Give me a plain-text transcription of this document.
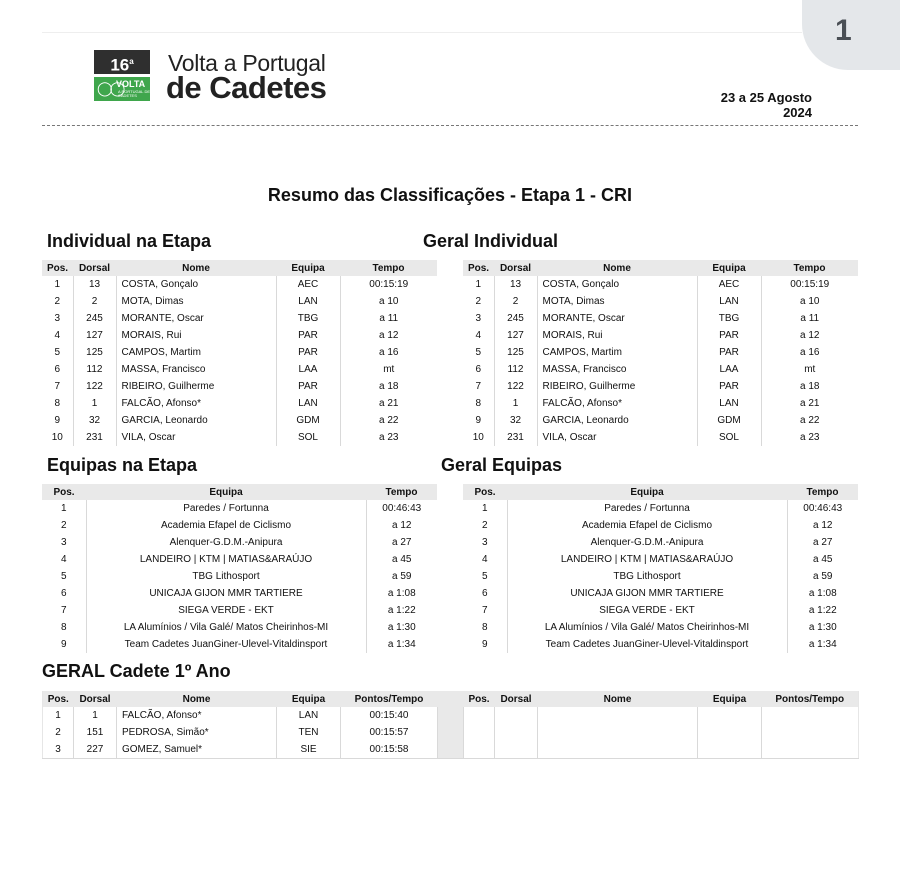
1
16$^a$
◯◯
VOLTA
A PORTUGAL DE CADETES
Volta a Portugal
de Cadetes	23 a 25 Agosto
2024
Resumo das Classificações - Etapa 1 - CRI
Individual na Etapa
Pos.	Dorsal	Nome	Equipa	Tempo
1	13	COSTA, Gonçalo	AEC	00:15:19
2	2	MOTA, Dimas	LAN	a 10
3	245	MORANTE, Oscar	TBG	a 11
4	127	MORAIS, Rui	PAR	a 12
5	125	CAMPOS, Martim	PAR	a 16
6	112	MASSA, Francisco	LAA	mt
7	122	RIBEIRO, Guilherme	PAR	a 18
8	1	FALCÃO, Afonso*	LAN	a 21
9	32	GARCIA, Leonardo	GDM	a 22
10	231	VILA, Oscar	SOL	a 23
Geral Individual
Pos.	Dorsal	Nome	Equipa	Tempo
1	13	COSTA, Gonçalo	AEC	00:15:19
2	2	MOTA, Dimas	LAN	a 10
3	245	MORANTE, Oscar	TBG	a 11
4	127	MORAIS, Rui	PAR	a 12
5	125	CAMPOS, Martim	PAR	a 16
6	112	MASSA, Francisco	LAA	mt
7	122	RIBEIRO, Guilherme	PAR	a 18
8	1	FALCÃO, Afonso*	LAN	a 21
9	32	GARCIA, Leonardo	GDM	a 22
10	231	VILA, Oscar	SOL	a 23
Equipas na Etapa
Pos.	Equipa	Tempo
1	Paredes / Fortunna	00:46:43
2	Academia Efapel de Ciclismo	a 12
3	Alenquer-G.D.M.-Anipura	a 27
4	LANDEIRO | KTM | MATIAS&ARAÚJO	a 45
5	TBG Lithosport	a 59
6	UNICAJA GIJON MMR TARTIERE	a 1:08
7	SIEGA VERDE - EKT	a 1:22
8	LA Alumínios / Vila Galé/ Matos Cheirinhos-MI	a 1:30
9	Team Cadetes JuanGiner-Ulevel-Vitaldinsport	a 1:34
Geral Equipas
Pos.	Equipa	Tempo
1	Paredes / Fortunna	00:46:43
2	Academia Efapel de Ciclismo	a 12
3	Alenquer-G.D.M.-Anipura	a 27
4	LANDEIRO | KTM | MATIAS&ARAÚJO	a 45
5	TBG Lithosport	a 59
6	UNICAJA GIJON MMR TARTIERE	a 1:08
7	SIEGA VERDE - EKT	a 1:22
8	LA Alumínios / Vila Galé/ Matos Cheirinhos-MI	a 1:30
9	Team Cadetes JuanGiner-Ulevel-Vitaldinsport	a 1:34
GERAL Cadete 1º Ano
Pos.	Dorsal	Nome	Equipa	Pontos/Tempo		Pos.	Dorsal	Nome	Equipa	Pontos/Tempo
1	1	FALCÃO, Afonso*	LAN	00:15:40						
2	151	PEDROSA, Simão*	TEN	00:15:57						
3	227	GOMEZ, Samuel*	SIE	00:15:58						
